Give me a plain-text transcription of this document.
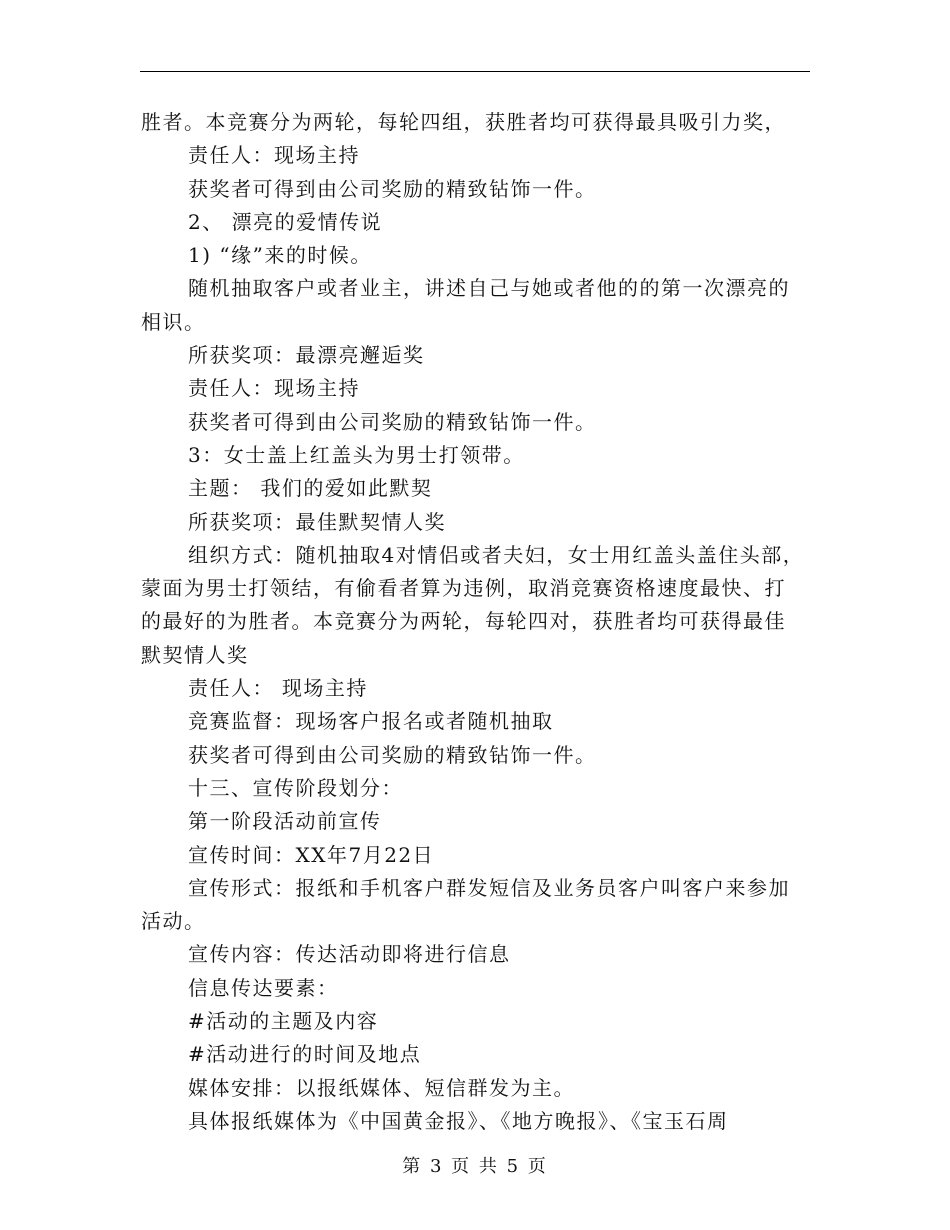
胜者。本竞赛分为两轮，每轮四组，获胜者均可获得最具吸引力奖，

责任人：现场主持

获奖者可得到由公司奖励的精致钻饰一件。

2、 漂亮的爱情传说

1) “缘”来的时候。

随机抽取客户或者业主，讲述自己与她或者他的的第一次漂亮的

相识。

所获奖项：最漂亮邂逅奖

责任人：现场主持

获奖者可得到由公司奖励的精致钻饰一件。

3：女士盖上红盖头为男士打领带。

主题： 我们的爱如此默契

所获奖项：最佳默契情人奖

组织方式：随机抽取4对情侣或者夫妇，女士用红盖头盖住头部，

蒙面为男士打领结，有偷看者算为违例，取消竞赛资格速度最快、打

的最好的为胜者。本竞赛分为两轮，每轮四对，获胜者均可获得最佳

默契情人奖

责任人： 现场主持

竞赛监督：现场客户报名或者随机抽取

获奖者可得到由公司奖励的精致钻饰一件。

十三、宣传阶段划分：

第一阶段活动前宣传

宣传时间：XX年7月22日

宣传形式：报纸和手机客户群发短信及业务员客户叫客户来参加

活动。

宣传内容：传达活动即将进行信息

信息传达要素：

#活动的主题及内容

#活动进行的时间及地点

媒体安排：以报纸媒体、短信群发为主。

具体报纸媒体为《中国黄金报》、《地方晚报》、《宝玉石周

第 3 页 共 5 页
